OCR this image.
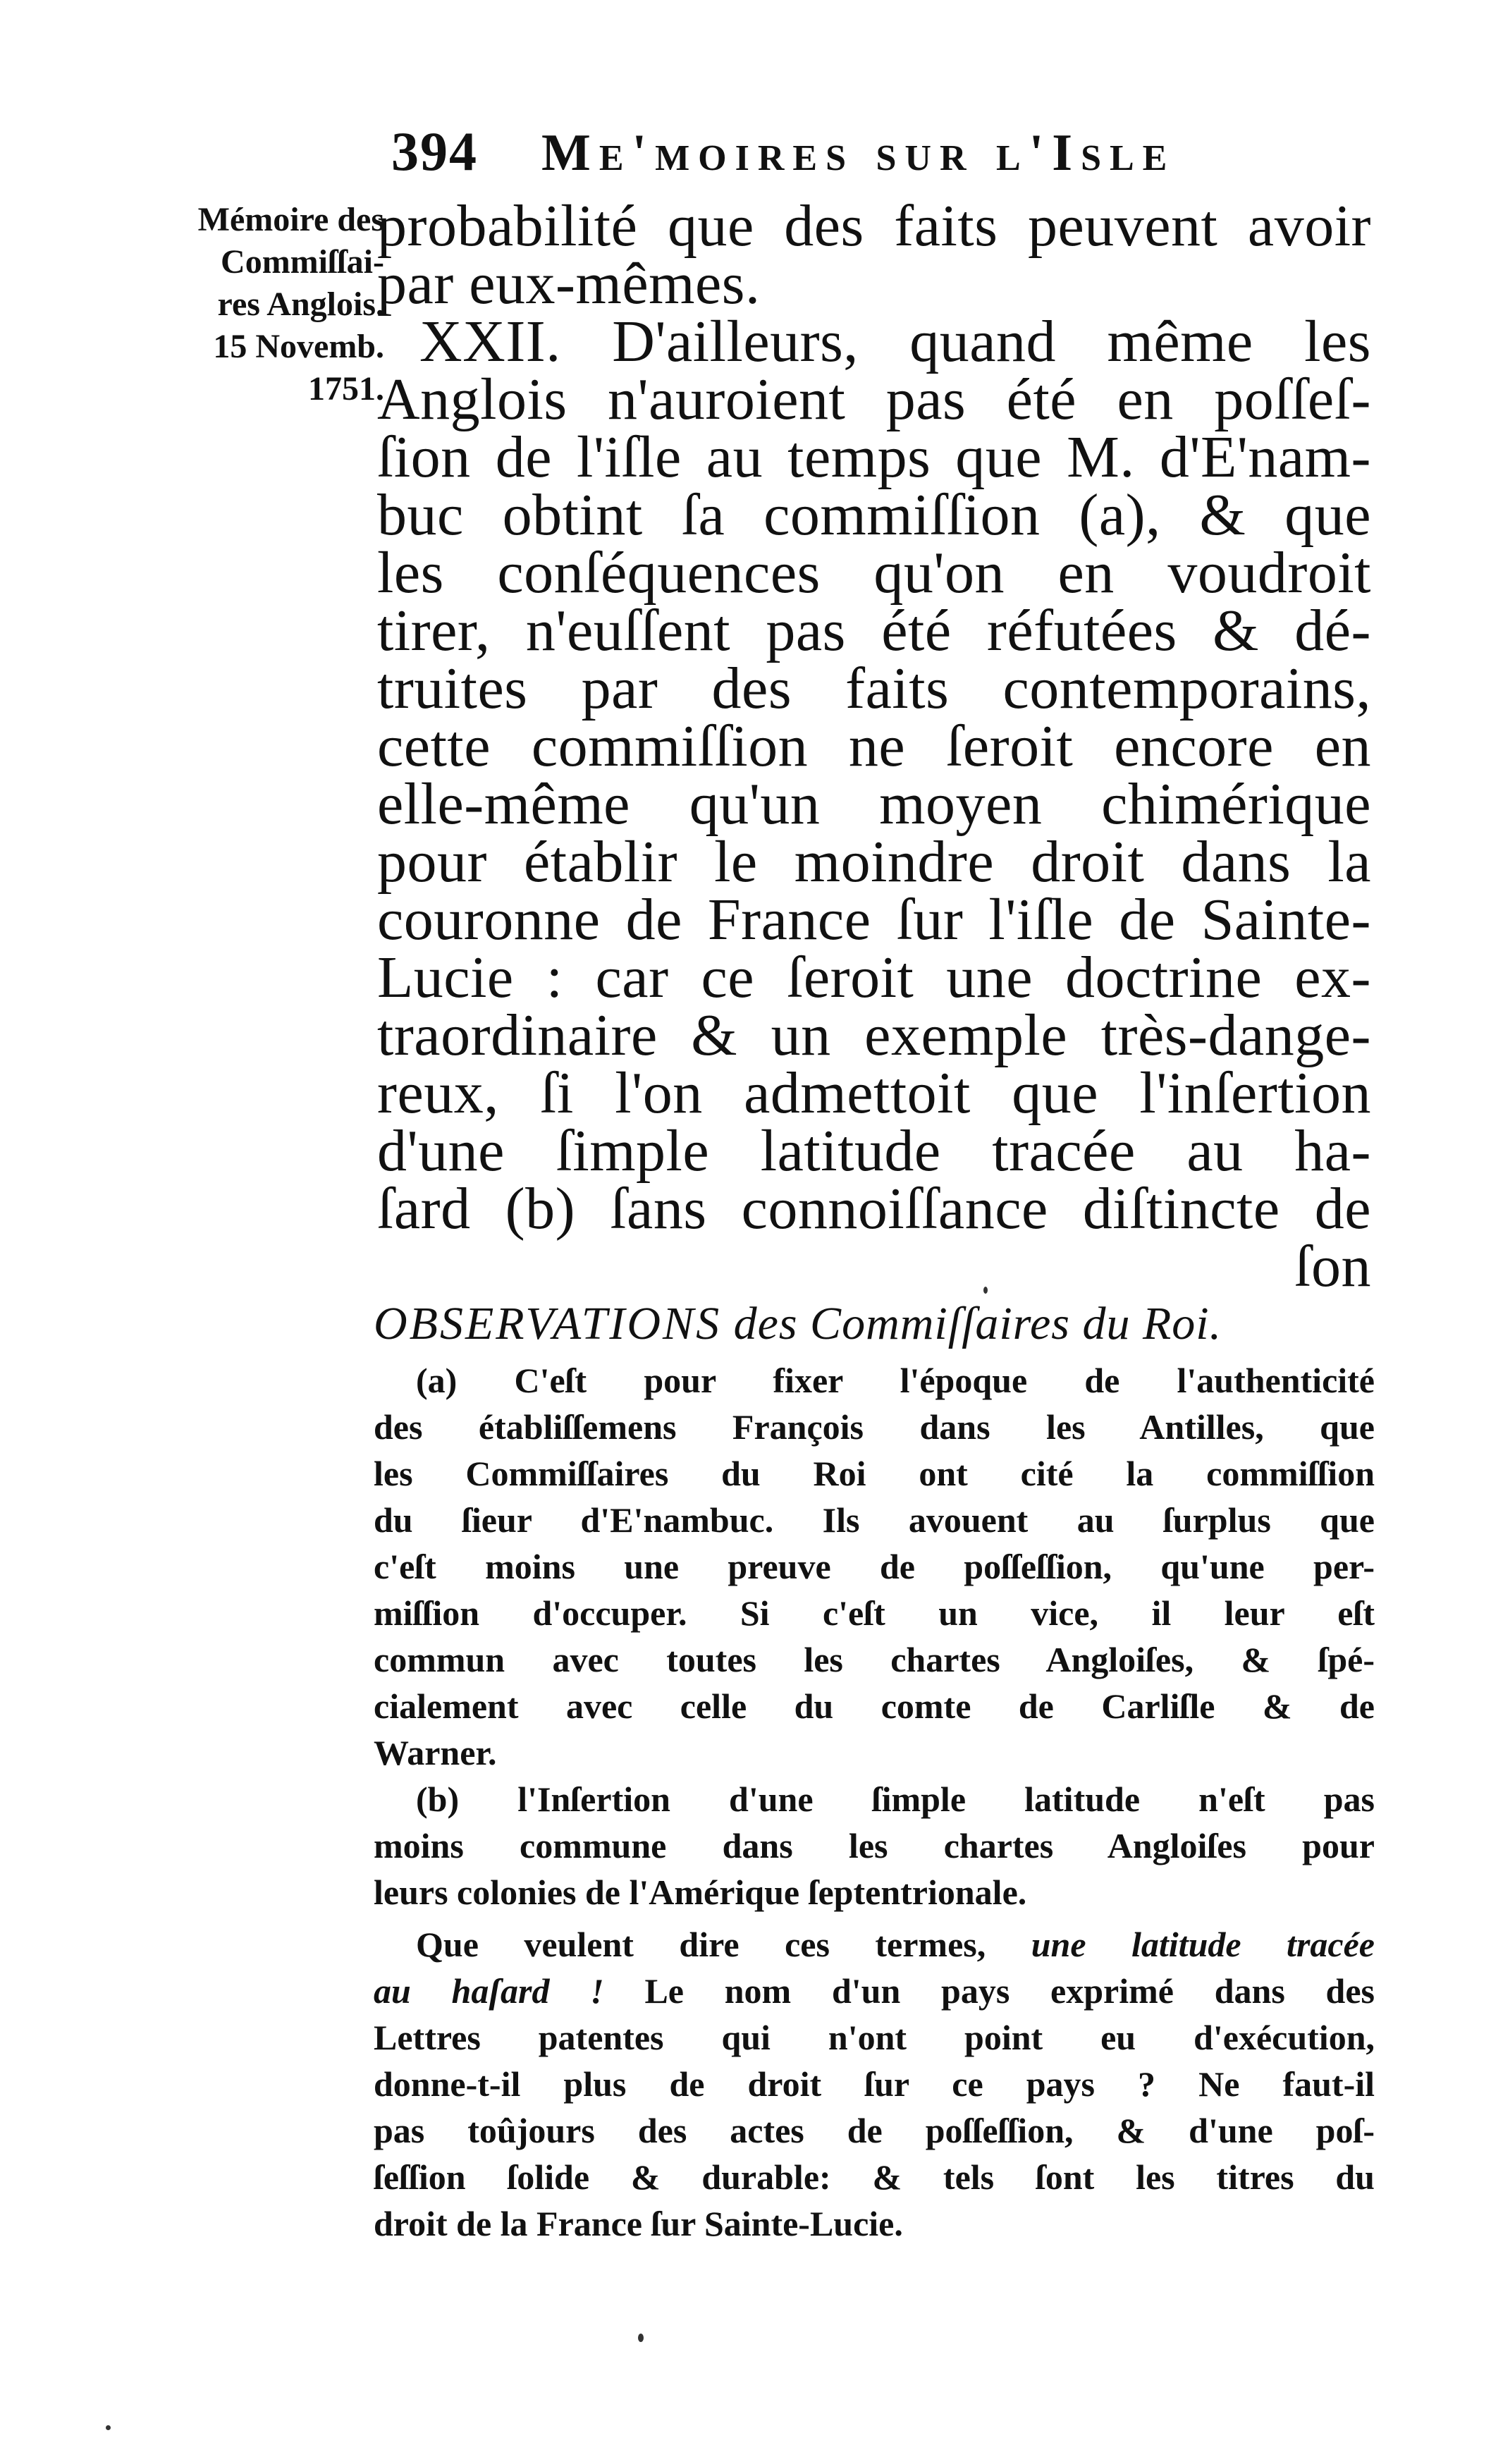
394 Me'moires sur l'Isle
Mémoire des
Commiſſai-
res Anglois.
15 Novemb.
1751.
probabilité que des faits peuvent avoir
par eux-mêmes.
XXII. D'ailleurs, quand même les
Anglois n'auroient pas été en poſſeſ-
ſion de l'iſle au temps que M. d'E'nam-
buc obtint ſa commiſſion (a), & que
les conſéquences qu'on en voudroit
tirer, n'euſſent pas été réfutées & dé-
truites par des faits contemporains,
cette commiſſion ne ſeroit encore en
elle-même qu'un moyen chimérique
pour établir le moindre droit dans la
couronne de France ſur l'iſle de Sainte-
Lucie : car ce ſeroit une doctrine ex-
traordinaire & un exemple très-dange-
reux, ſi l'on admettoit que l'inſertion
d'une ſimple latitude tracée au ha-
ſard (b) ſans connoiſſance diſtincte de
ſon
OBSERVATIONS des Commiſſaires du Roi.
(a) C'eſt pour fixer l'époque de l'authenticité
des établiſſemens François dans les Antilles, que
les Commiſſaires du Roi ont cité la commiſſion
du ſieur d'E'nambuc. Ils avouent au ſurplus que
c'eſt moins une preuve de poſſeſſion, qu'une per-
miſſion d'occuper. Si c'eſt un vice, il leur eſt
commun avec toutes les chartes Angloiſes, & ſpé-
cialement avec celle du comte de Carliſle & de
Warner.
(b) l'Inſertion d'une ſimple latitude n'eſt pas
moins commune dans les chartes Angloiſes pour
leurs colonies de l'Amérique ſeptentrionale.
Que veulent dire ces termes, une latitude tracée
au haſard ! Le nom d'un pays exprimé dans des
Lettres patentes qui n'ont point eu d'exécution,
donne-t-il plus de droit ſur ce pays ? Ne faut-il
pas toûjours des actes de poſſeſſion, & d'une poſ-
ſeſſion ſolide & durable: & tels ſont les titres du
droit de la France ſur Sainte-Lucie.
